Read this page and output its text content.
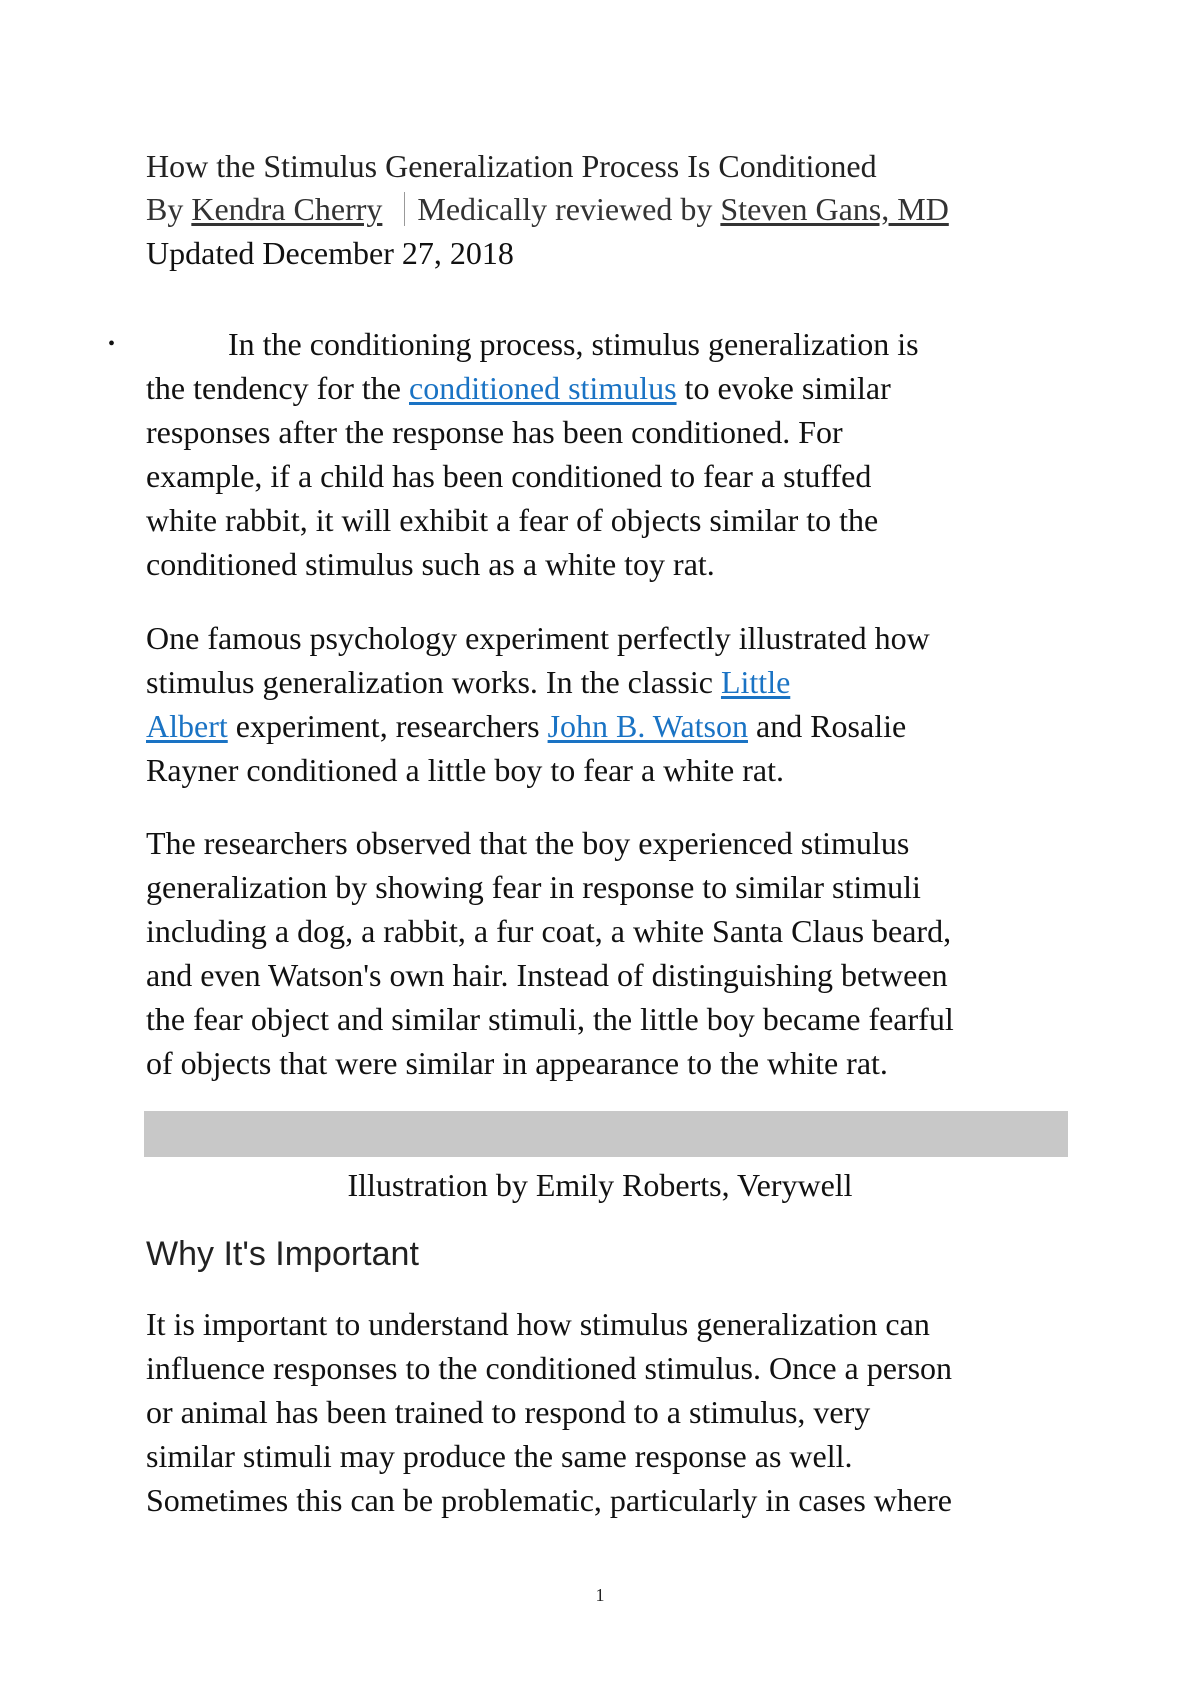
How the Stimulus Generalization Process Is Conditioned
By Kendra Cherry Medically reviewed by Steven Gans, MD
Updated December 27, 2018
•	In the conditioning process, stimulus generalization is
the tendency for the conditioned stimulus to evoke similar
responses after the response has been conditioned. For
example, if a child has been conditioned to fear a stuffed
white rabbit, it will exhibit a fear of objects similar to the
conditioned stimulus such as a white toy rat.
One famous psychology experiment perfectly illustrated how
stimulus generalization works. In the classic Little
Albert experiment, researchers John B. Watson and Rosalie
Rayner conditioned a little boy to fear a white rat.
The researchers observed that the boy experienced stimulus
generalization by showing fear in response to similar stimuli
including a dog, a rabbit, a fur coat, a white Santa Claus beard,
and even Watson's own hair. Instead of distinguishing between
the fear object and similar stimuli, the little boy became fearful
of objects that were similar in appearance to the white rat.
Illustration by Emily Roberts, Verywell
Why It's Important
It is important to understand how stimulus generalization can
influence responses to the conditioned stimulus. Once a person
or animal has been trained to respond to a stimulus, very
similar stimuli may produce the same response as well.
Sometimes this can be problematic, particularly in cases where
1
